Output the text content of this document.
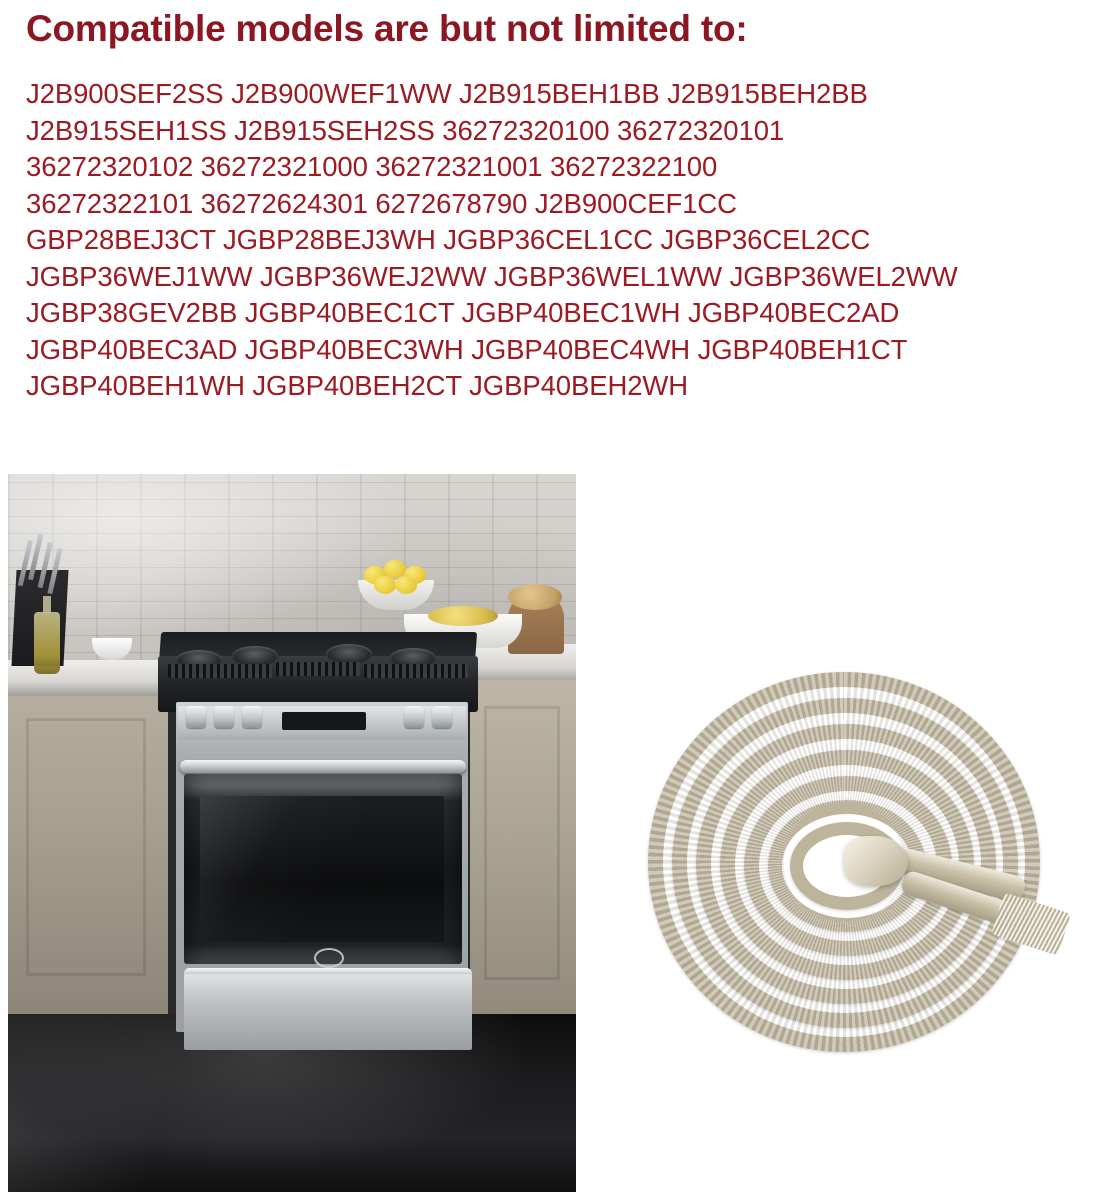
Compatible models are but not limited to:
J2B900SEF2SS J2B900WEF1WW J2B915BEH1BB J2B915BEH2BB
J2B915SEH1SS J2B915SEH2SS 36272320100 36272320101
36272320102 36272321000 36272321001 36272322100
36272322101 36272624301 6272678790 J2B900CEF1CC
GBP28BEJ3CT JGBP28BEJ3WH JGBP36CEL1CC JGBP36CEL2CC
JGBP36WEJ1WW JGBP36WEJ2WW JGBP36WEL1WW JGBP36WEL2WW
JGBP38GEV2BB JGBP40BEC1CT JGBP40BEC1WH JGBP40BEC2AD
JGBP40BEC3AD JGBP40BEC3WH JGBP40BEC4WH JGBP40BEH1CT
JGBP40BEH1WH JGBP40BEH2CT JGBP40BEH2WH
